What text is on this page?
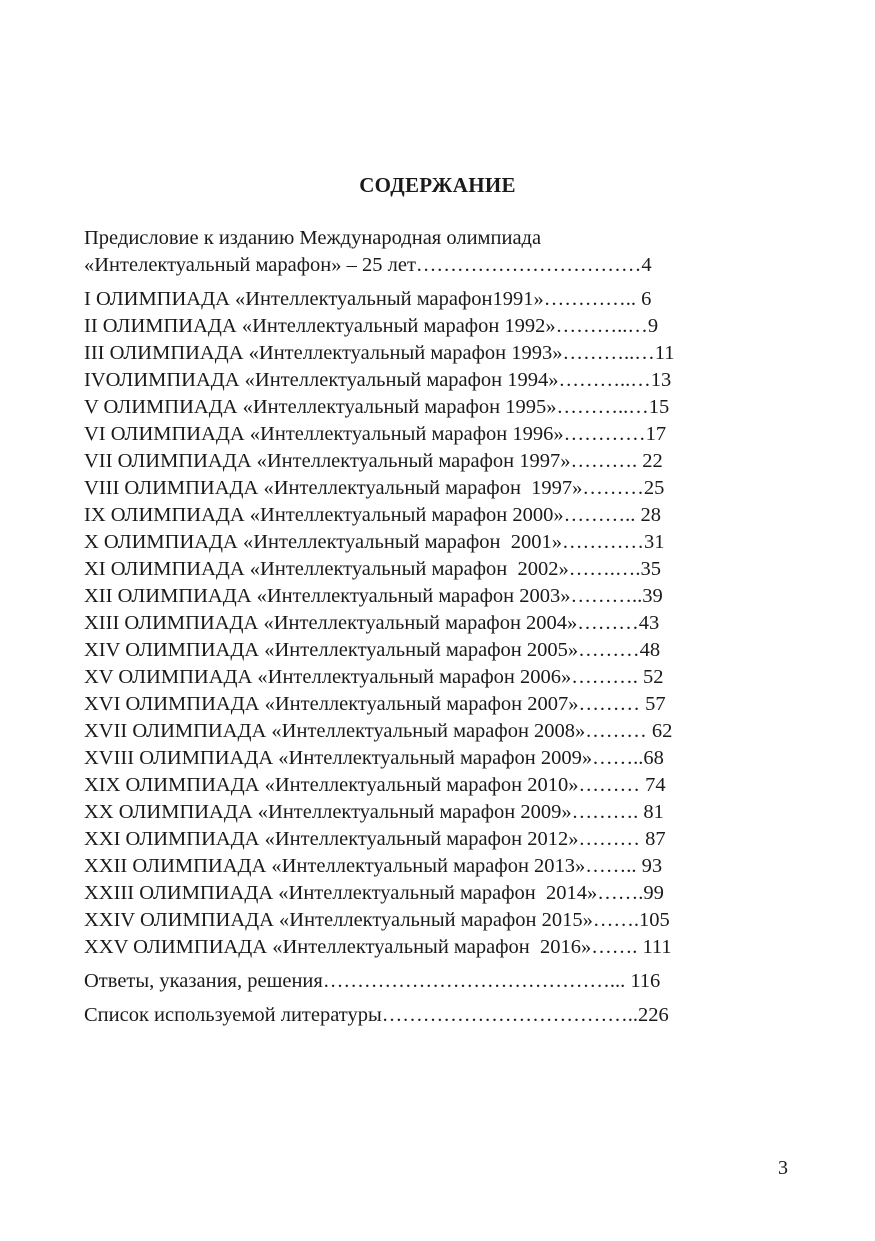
СОДЕРЖАНИЕ
Предисловие к изданию Международная олимпиада
«Интелектуальный марафон» – 25 лет……………………………4
I ОЛИМПИАДА «Интеллектуальный марафон1991»………….. 6
II ОЛИМПИАДА «Интеллектуальный марафон 1992»………..…9
III ОЛИМПИАДА «Интеллектуальный марафон 1993»………..…11
IVОЛИМПИАДА «Интеллектуальный марафон 1994»………..…13
V ОЛИМПИАДА «Интеллектуальный марафон 1995»………..…15
VI ОЛИМПИАДА «Интеллектуальный марафон 1996»…………17
VII ОЛИМПИАДА «Интеллектуальный марафон 1997»………. 22
VIII ОЛИМПИАДА «Интеллектуальный марафон  1997»………25
IX ОЛИМПИАДА «Интеллектуальный марафон 2000»……….. 28
X ОЛИМПИАДА «Интеллектуальный марафон  2001»…………31
XI ОЛИМПИАДА «Интеллектуальный марафон  2002»…….….35
XII ОЛИМПИАДА «Интеллектуальный марафон 2003»………..39
XIII ОЛИМПИАДА «Интеллектуальный марафон 2004»………43
XIV ОЛИМПИАДА «Интеллектуальный марафон 2005»………48
XV ОЛИМПИАДА «Интеллектуальный марафон 2006»………. 52
XVI ОЛИМПИАДА «Интеллектуальный марафон 2007»……… 57
XVII ОЛИМПИАДА «Интеллектуальный марафон 2008»……… 62
XVIII ОЛИМПИАДА «Интеллектуальный марафон 2009»……..68
XIX ОЛИМПИАДА «Интеллектуальный марафон 2010»……… 74
XX ОЛИМПИАДА «Интеллектуальный марафон 2009»………. 81
XXI ОЛИМПИАДА «Интеллектуальный марафон 2012»……… 87
XXII ОЛИМПИАДА «Интеллектуальный марафон 2013»…….. 93
XXIII ОЛИМПИАДА «Интеллектуальный марафон  2014»…….99
XXIV ОЛИМПИАДА «Интеллектуальный марафон 2015»…….105
XXV ОЛИМПИАДА «Интеллектуальный марафон  2016»……. 111
Ответы, указания, решения……………………………………... 116
Список используемой литературы………………………………..226
3
